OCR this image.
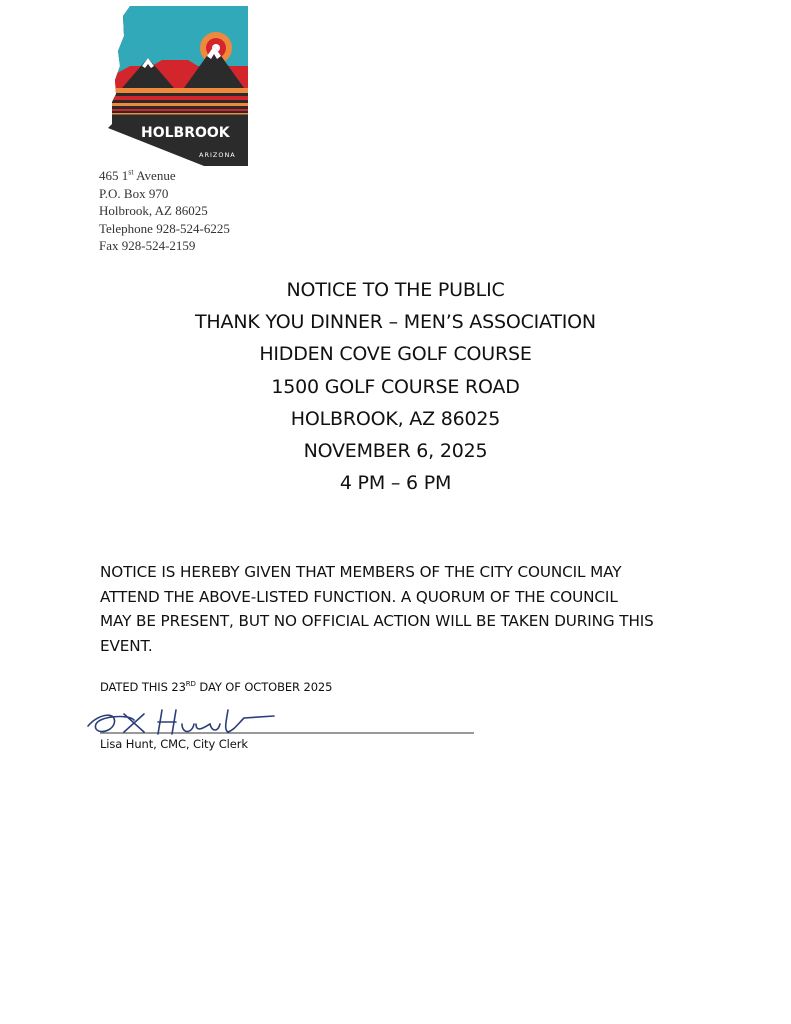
HOLBROOK
ARIZONA
465 1st Avenue
P.O. Box 970
Holbrook, AZ 86025
Telephone 928-524-6225
Fax 928-524-2159
NOTICE TO THE PUBLIC
THANK YOU DINNER – MEN’S ASSOCIATION
HIDDEN COVE GOLF COURSE
1500 GOLF COURSE ROAD
HOLBROOK, AZ 86025
NOVEMBER 6, 2025
4 PM – 6 PM
NOTICE IS HEREBY GIVEN THAT MEMBERS OF THE CITY COUNCIL MAY
ATTEND THE ABOVE-LISTED FUNCTION. A QUORUM OF THE COUNCIL
MAY BE PRESENT, BUT NO OFFICIAL ACTION WILL BE TAKEN DURING THIS
EVENT.
DATED THIS 23RD DAY OF OCTOBER 2025
Lisa Hunt, CMC, City Clerk
